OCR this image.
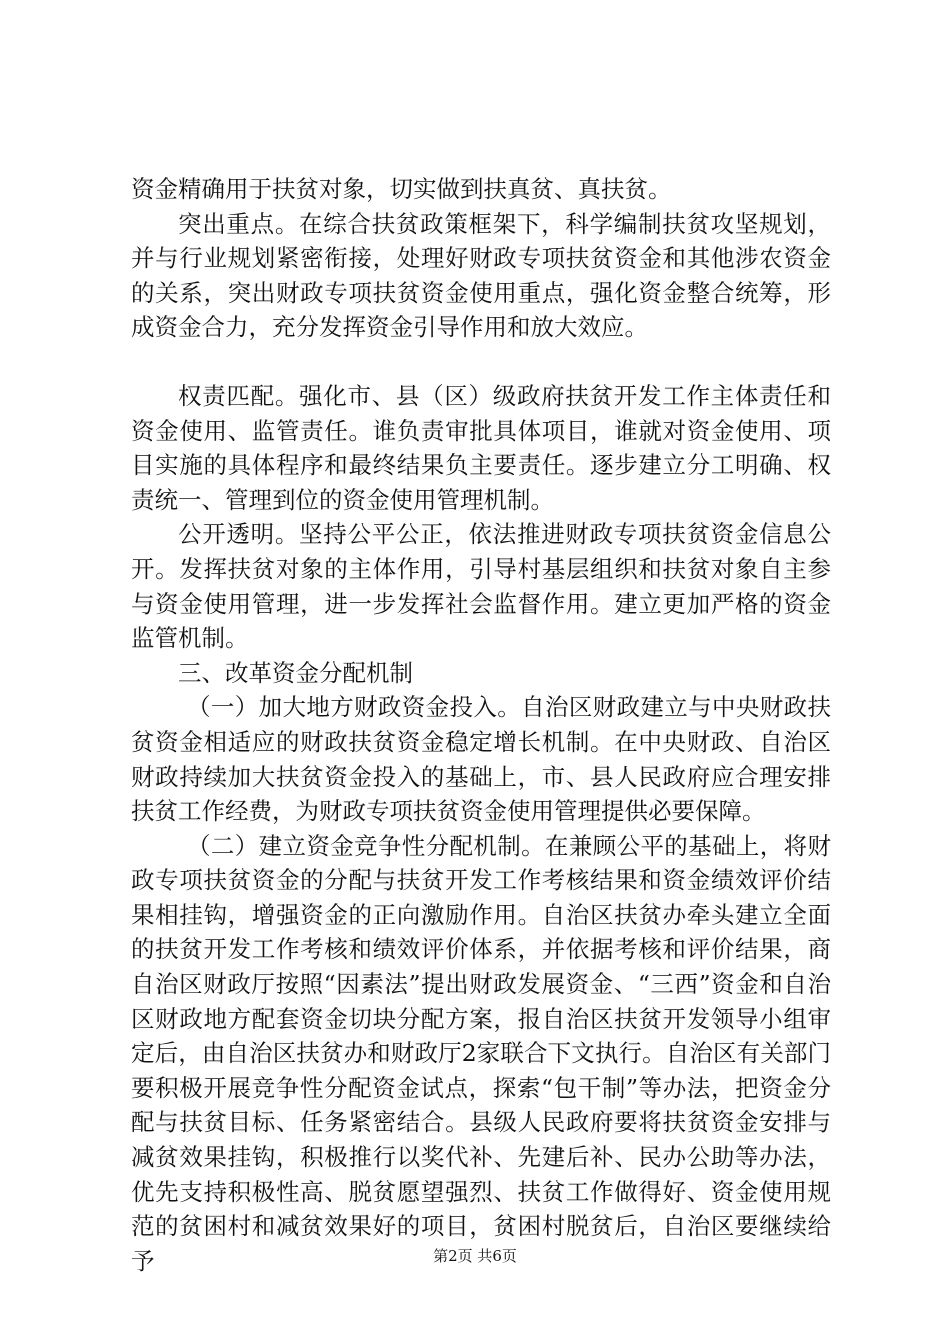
资金精确用于扶贫对象，切实做到扶真贫、真扶贫。

突出重点。在综合扶贫政策框架下，科学编制扶贫攻坚规划，并与行业规划紧密衔接，处理好财政专项扶贫资金和其他涉农资金的关系，突出财政专项扶贫资金使用重点，强化资金整合统筹，形成资金合力，充分发挥资金引导作用和放大效应。

权责匹配。强化市、县（区）级政府扶贫开发工作主体责任和资金使用、监管责任。谁负责审批具体项目，谁就对资金使用、项目实施的具体程序和最终结果负主要责任。逐步建立分工明确、权责统一、管理到位的资金使用管理机制。

公开透明。坚持公平公正，依法推进财政专项扶贫资金信息公开。发挥扶贫对象的主体作用，引导村基层组织和扶贫对象自主参与资金使用管理，进一步发挥社会监督作用。建立更加严格的资金监管机制。

三、改革资金分配机制

（一）加大地方财政资金投入。自治区财政建立与中央财政扶贫资金相适应的财政扶贫资金稳定增长机制。在中央财政、自治区财政持续加大扶贫资金投入的基础上，市、县人民政府应合理安排扶贫工作经费，为财政专项扶贫资金使用管理提供必要保障。

（二）建立资金竞争性分配机制。在兼顾公平的基础上，将财政专项扶贫资金的分配与扶贫开发工作考核结果和资金绩效评价结果相挂钩，增强资金的正向激励作用。自治区扶贫办牵头建立全面的扶贫开发工作考核和绩效评价体系，并依据考核和评价结果，商自治区财政厅按照“因素法”提出财政发展资金、“三西”资金和自治区财政地方配套资金切块分配方案，报自治区扶贫开发领导小组审定后，由自治区扶贫办和财政厅2家联合下文执行。自治区有关部门要积极开展竞争性分配资金试点，探索“包干制”等办法，把资金分配与扶贫目标、任务紧密结合。县级人民政府要将扶贫资金安排与减贫效果挂钩，积极推行以奖代补、先建后补、民办公助等办法，优先支持积极性高、脱贫愿望强烈、扶贫工作做得好、资金使用规范的贫困村和减贫效果好的项目，贫困村脱贫后，自治区要继续给予	第2页 共6页
